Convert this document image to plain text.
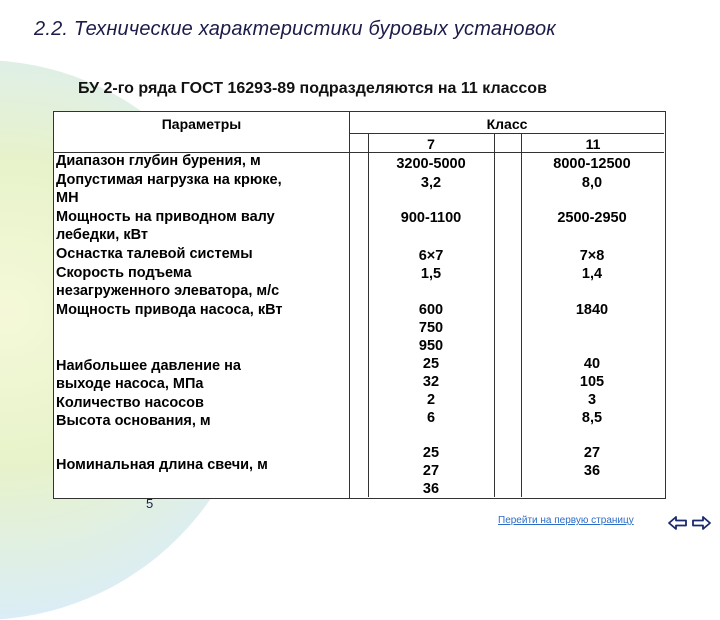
2.2. Технические характеристики буровых установок
БУ 2-го ряда ГОСТ 16293-89 подразделяются на 11 классов
Параметры	Класс
7	11
Диапазон глубин бурения, м
Допустимая нагрузка на крюке,
МН
Мощность на приводном валу
лебедки, кВт
Оснастка талевой системы
Скорость подъема
незагруженного элеватора, м/с
Мощность привода насоса, кВт

Наибольшее давление на
выходе насоса, МПа
Количество насосов
Высота основания, м

Номинальная длина свечи, м
3200-5000
3,2
900-1100
6×7
1,5
600
750
950
25
32
2
6
25
27
36
8000-12500
8,0
2500-2950
7×8
1,4
1840
40
105
3
8,5
27
36
5
Перейти на первую страницу
